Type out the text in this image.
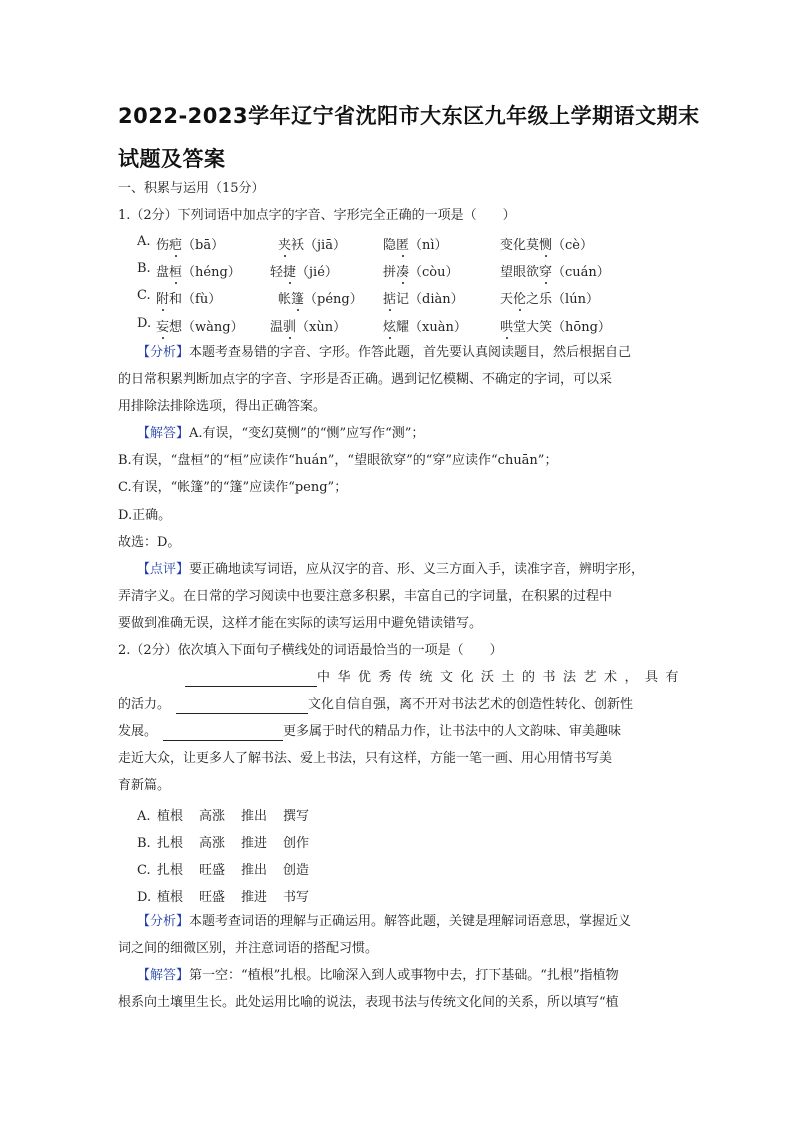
2022-2023学年辽宁省沈阳市大东区九年级上学期语文期末
试题及答案
一、积累与运用（15分）
1.（2分）下列词语中加点字的字音、字形完全正确的一项是（　　）
A. 伤疤（bā）	夹袄（jiā）	隐匿（nì）	变化莫恻（cè）
B. 盘桓（héng） 轻捷（jié）	拼凑（còu）	望眼欲穿（cuán）
C. 附和（fù）	帐篷（péng） 掂记（diàn）	天伦之乐（lún）
D. 妄想（wàng） 温驯（xùn）	炫耀（xuàn）	哄堂大笑（hōng）
【分析】本题考查易错的字音、字形。作答此题，首先要认真阅读题目，然后根据自己
的日常积累判断加点字的字音、字形是否正确。遇到记忆模糊、不确定的字词，可以采
用排除法排除选项，得出正确答案。
【解答】A.有误，“变幻莫恻”的“恻”应写作“测”；
B.有误，“盘桓”的“桓”应读作“huán”，“望眼欲穿”的“穿”应读作“chuān”；
C.有误，“帐篷”的“篷”应读作“peng”；
D.正确。
故选：D。
【点评】要正确地读写词语，应从汉字的音、形、义三方面入手，读准字音，辨明字形，
弄清字义。在日常的学习阅读中也要注意多积累，丰富自己的字词量，在积累的过程中
要做到准确无误，这样才能在实际的读写运用中避免错读错写。
2.（2分）依次填入下面句子横线处的词语最恰当的一项是（　　）
中华优秀传统文化沃土的书法艺术，具有
的活力。	文化自信自强，离不开对书法艺术的创造性转化、创新性
发展。	更多属于时代的精品力作，让书法中的人文韵味、审美趣味
走近大众，让更多人了解书法、爱上书法，只有这样，方能一笔一画、用心用情书写美
育新篇。
A. 植根 高涨 推出 撰写
B. 扎根 高涨 推进 创作
C. 扎根 旺盛 推出 创造
D. 植根 旺盛 推进 书写
【分析】本题考查词语的理解与正确运用。解答此题，关键是理解词语意思，掌握近义
词之间的细微区别，并注意词语的搭配习惯。
【解答】第一空：“植根”扎根。比喻深入到人或事物中去，打下基础。“扎根”指植物
根系向土壤里生长。此处运用比喻的说法，表现书法与传统文化间的关系，所以填写“植
